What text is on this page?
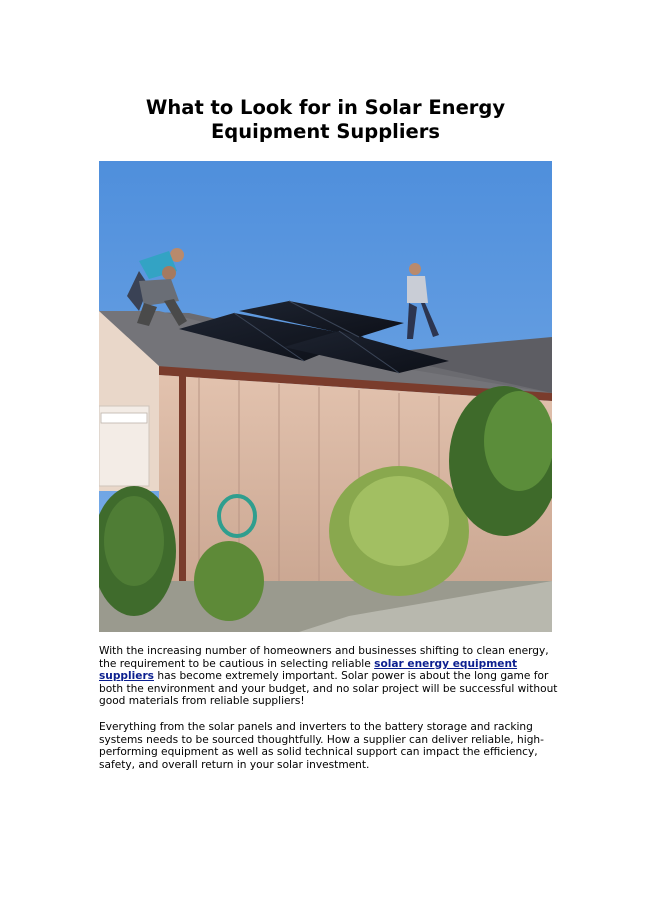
What to Look for in Solar Energy
Equipment Suppliers

With the increasing number of homeowners and businesses shifting to clean energy, the requirement to be cautious in selecting reliable solar energy equipment suppliers has become extremely important. Solar power is about the long game for both the environment and your budget, and no solar project will be successful without good materials from reliable suppliers!

Everything from the solar panels and inverters to the battery storage and racking systems needs to be sourced thoughtfully. How a supplier can deliver reliable, high-performing equipment as well as solid technical support can impact the efficiency, safety, and overall return in your solar investment.
